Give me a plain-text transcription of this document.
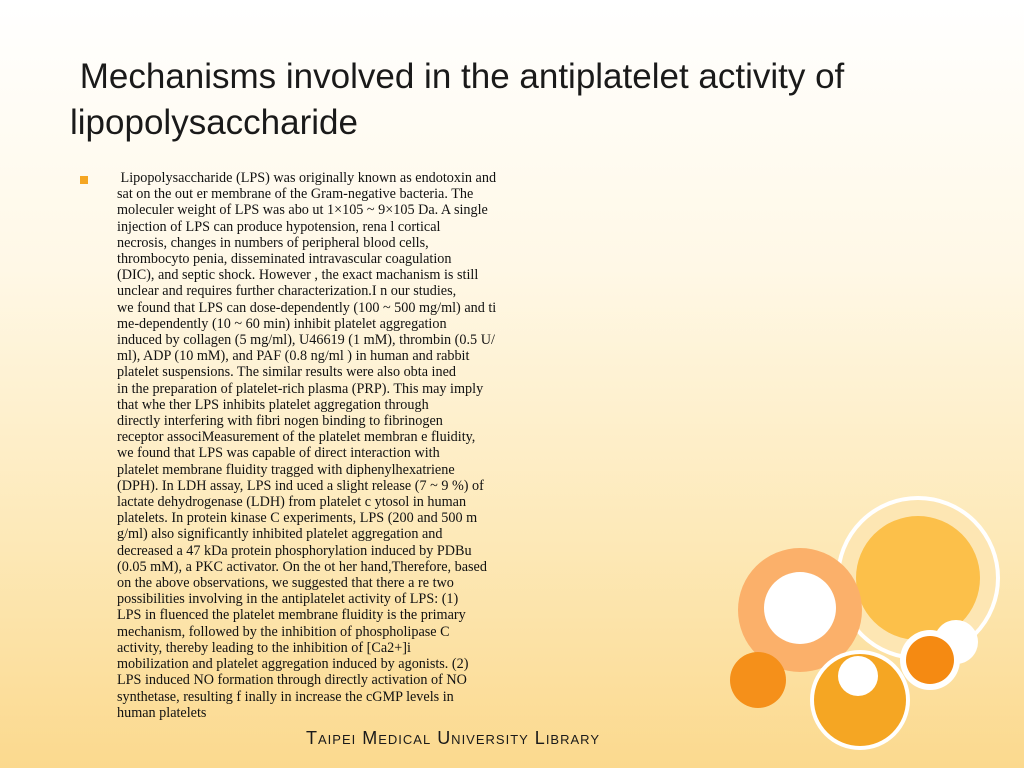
Mechanisms involved in the antiplatelet activity of lipopolysaccharide
Lipopolysaccharide (LPS) was originally known as endotoxin and
sat on the out er membrane of the Gram-negative bacteria. The
moleculer weight of LPS was abo ut 1×105 ~ 9×105 Da. A single
injection of LPS can produce hypotension, rena l cortical
necrosis, changes in numbers of peripheral blood cells,
thrombocyto penia, disseminated intravascular coagulation
(DIC), and septic shock. However , the exact machanism is still
unclear and requires further characterization.I n our studies,
we found that LPS can dose-dependently (100 ~ 500 mg/ml) and ti
me-dependently (10 ~ 60 min) inhibit platelet aggregation
induced by collagen (5 mg/ml), U46619 (1 mM), thrombin (0.5 U/
ml), ADP (10 mM), and PAF (0.8 ng/ml ) in human and rabbit
platelet suspensions. The similar results were also obta ined
in the preparation of platelet-rich plasma (PRP). This may imply
that whe ther LPS inhibits platelet aggregation through
directly interfering with fibri nogen binding to fibrinogen
receptor associMeasurement of the platelet membran e fluidity,
we found that LPS was capable of direct interaction with
platelet membrane fluidity tragged with diphenylhexatriene
(DPH). In LDH assay, LPS ind uced a slight release (7 ~ 9 %) of
lactate dehydrogenase (LDH) from platelet c ytosol in human
platelets. In protein kinase C experiments, LPS (200 and 500 m
g/ml) also significantly inhibited platelet aggregation and
decreased a 47 kDa protein phosphorylation induced by PDBu
(0.05 mM), a PKC activator. On the ot her hand,Therefore, based
on the above observations, we suggested that there a re two
possibilities involving in the antiplatelet activity of LPS: (1)
LPS in fluenced the platelet membrane fluidity is the primary
mechanism, followed by the inhibition of phospholipase C
activity, thereby leading to the inhibition of [Ca2+]i
mobilization and platelet aggregation induced by agonists. (2)
LPS induced NO formation through directly activation of NO
synthetase, resulting f inally in increase the cGMP levels in
human platelets
Taipei Medical University Library
